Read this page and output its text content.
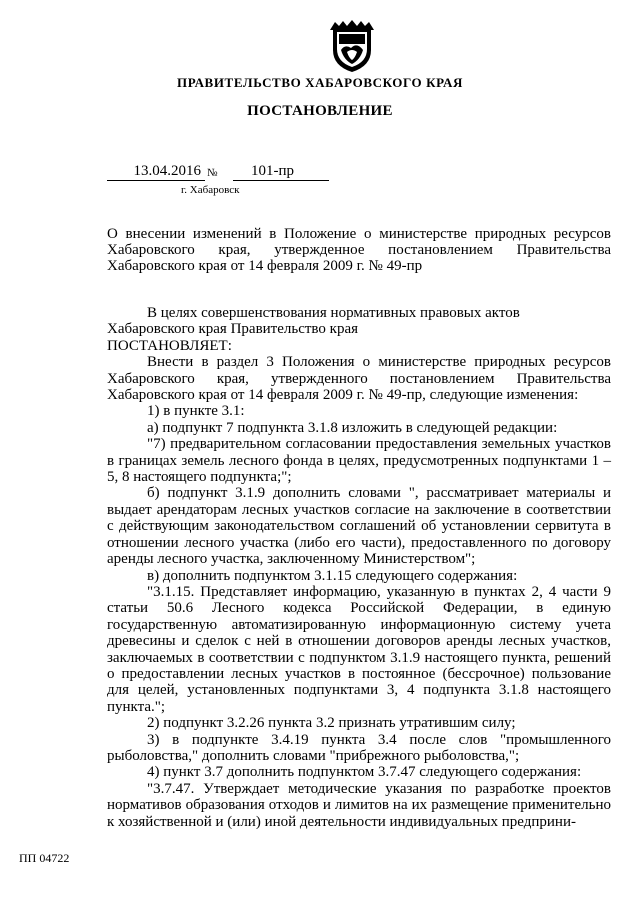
ПРАВИТЕЛЬСТВО ХАБАРОВСКОГО КРАЯ
ПОСТАНОВЛЕНИЕ
13.04.2016 №	101-пр
г. Хабаровск

О внесении изменений в Положение о министерстве природных ресурсов Хабаровского края, утвержденное постановлением Правительства Хабаровского края от 14 февраля 2009 г. № 49-пр

В целях совершенствования нормативных правовых актов Хабаровского края Правительство края

ПОСТАНОВЛЯЕТ:

Внести в раздел 3 Положения о министерстве природных ресурсов Хабаровского края, утвержденного постановлением Правительства Хабаровского края от 14 февраля 2009 г. № 49-пр, следующие изменения:

1) в пункте 3.1:

а) подпункт 7 подпункта 3.1.8 изложить в следующей редакции:

"7) предварительном согласовании предоставления земельных участков в границах земель лесного фонда в целях, предусмотренных подпунктами 1 – 5, 8 настоящего подпункта;";

б) подпункт 3.1.9 дополнить словами ", рассматривает материалы и выдает арендаторам лесных участков согласие на заключение в соответствии с действующим законодательством соглашений об установлении сервитута в отношении лесного участка (либо его части), предоставленного по договору аренды лесного участка, заключенному Министерством";

в) дополнить подпунктом 3.1.15 следующего содержания:

"3.1.15. Представляет информацию, указанную в пунктах 2, 4 части 9 статьи 50.6 Лесного кодекса Российской Федерации, в единую государственную автоматизированную информационную систему учета древесины и сделок с ней в отношении договоров аренды лесных участков, заключаемых в соответствии с подпунктом 3.1.9 настоящего пункта, решений о предоставлении лесных участков в постоянное (бессрочное) пользование для целей, установленных подпунктами 3, 4 подпункта 3.1.8 настоящего пункта.";

2) подпункт 3.2.26 пункта 3.2 признать утратившим силу;

3) в подпункте 3.4.19 пункта 3.4 после слов "промышленного рыболовства," дополнить словами "прибрежного рыболовства,";

4) пункт 3.7 дополнить подпунктом 3.7.47 следующего содержания:

"3.7.47. Утверждает методические указания по разработке проектов нормативов образования отходов и лимитов на их размещение применительно к хозяйственной и (или) иной деятельности индивидуальных предприни-

ПП 04722
